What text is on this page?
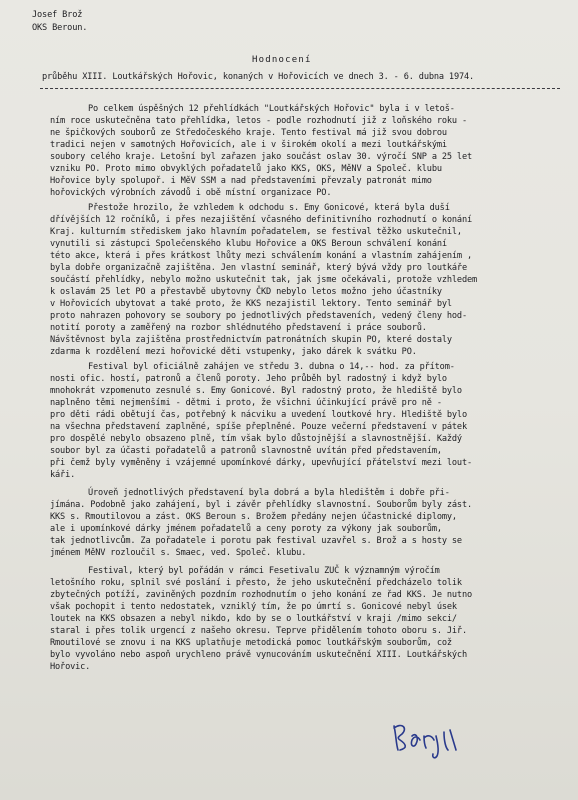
Josef Brož
OKS Beroun.
Hodnocení
průběhu XIII. Loutkářských Hořovic, konaných v Hořovicích ve dnech 3. - 6. dubna 1974.
Po celkem úspěšných 12 přehlídkách "Loutkářských Hořovic" byla i v letoš-
ním roce uskutečněna tato přehlídka, letos - podle rozhodnutí již z loňského roku -
ne špičkových souborů ze Středočeského kraje. Tento festival má již svou dobrou
tradici nejen v samotných Hořovicích, ale i v širokém okolí a mezi loutkářskými
soubory celého kraje. Letošní byl zařazen jako součást oslav 30. výročí SNP a 25 let
vzniku PO. Proto mimo obvyklých pořadatelů jako KKS, OKS, MěNV a Společ. klubu
Hořovice byly spolupoř. i MěV SSM a nad představeními převzaly patronát mimo
hořovických výrobních závodů i obě místní organizace PO.
Přestože hrozilo, že vzhledem k odchodu s. Emy Gonicové, která byla duší
dřívějších 12 ročníků, i přes nezajištění včasného definitivního rozhodnutí o konání
Kraj. kulturním střediskem jako hlavním pořadatelem, se festival těžko uskutečnil,
vynutili si zástupci Společenského klubu Hořovice a OKS Beroun schválení konání
této akce, která i přes krátkost lhůty mezi schválením konání a vlastním zahájením ,
byla dobře organizačně zajištěna. Jen vlastní seminář, který bývá vždy pro loutkáře
součástí přehlídky, nebylo možno uskutečnit tak, jak jsme očekávali, protože vzhledem
k oslavám 25 let PO a přestavbě ubytovny ČKD nebylo letos možno jeho účastníky
v Hořovicích ubytovat a také proto, že KKS nezajistil lektory. Tento seminář byl
proto nahrazen pohovory se soubory po jednotlivých představeních, vedený členy hod-
notití poroty a zaměřený na rozbor shlédnutého představení i práce souborů.
Návštěvnost byla zajištěna prostřednictvím patronátních skupin PO, které dostaly
zdarma k rozdělení mezi hořovické děti vstupenky, jako dárek k svátku PO.
Festival byl oficiálně zahájen ve středu 3. dubna o 14,-- hod. za přítom-
nosti ofic. hostí, patronů a členů poroty. Jeho průběh byl radostný i když bylo
mnohokrát vzpomenuto zesnulé s. Emy Gonicové. Byl radostný proto, že hlediště bylo
naplněno těmi nejmenšími - dětmi i proto, že všichni účinkující právě pro ně -
pro děti rádi obětují čas, potřebný k nácviku a uvedení loutkové hry. Hlediště bylo
na všechna představení zaplněné, spíše přeplněné. Pouze večerní představení v pátek
pro dospělé nebylo obsazeno plně, tím však bylo důstojnější a slavnostnější. Každý
soubor byl za účasti pořadatelů a patronů slavnostně uvítán před představením,
při čemž byly vyměněny i vzájemné upomínkové dárky, upevňující přátelství mezi lout-
káři.
Úroveň jednotlivých představení byla dobrá a byla hledištěm i dobře při-
jímána. Podobně jako zahájení, byl i závěr přehlídky slavnostní. Souborům byly zást.
KKS s. Rmoutilovou a zást. OKS Beroun s. Brožem předány nejen účastnické diplomy,
ale i upomínkové dárky jménem pořadatelů a ceny poroty za výkony jak souborům,
tak jednotlivcům. Za pořadatele i porotu pak festival uzavřel s. Brož a s hosty se
jménem MěNV rozloučil s. Smaec, ved. Společ. klubu.
Festival, který byl pořádán v rámci Fesetivalu ZUČ k významným výročím
letošního roku, splnil své poslání i přesto, že jeho uskutečnění předcházelo tolik
zbytečných potíží, zaviněných pozdním rozhodnutím o jeho konání ze řad KKS. Je nutno
však pochopit i tento nedostatek, vzniklý tím, že po úmrtí s. Gonicové nebyl úsek
loutek na KKS obsazen a nebyl nikdo, kdo by se o loutkářství v kraji /mimo sekci/
staral i přes tolik urgencí z našeho okresu. Teprve přidělením tohoto oboru s. Jiř.
Rmoutilové se znovu i na KKS uplatňuje metodická pomoc loutkářským souborům, což
bylo vyvoláno nebo aspoň urychleno právě vynucováním uskutečnění XIII. Loutkářských
Hořovic.
